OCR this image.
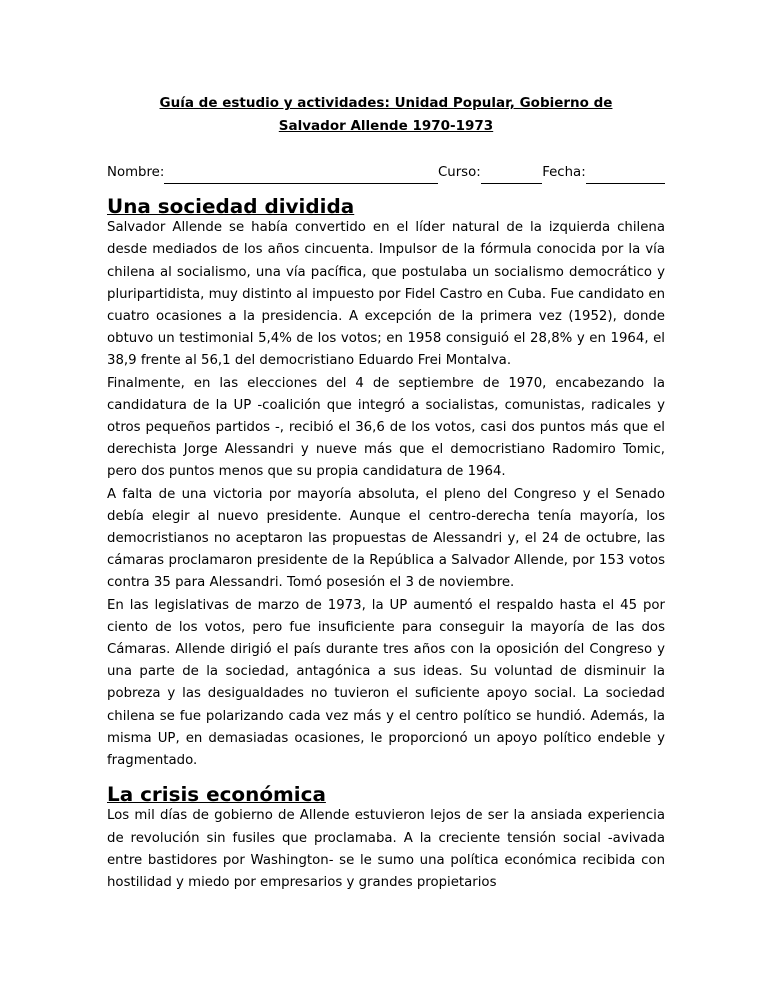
Guía de estudio y actividades: Unidad Popular, Gobierno de
Salvador Allende 1970-1973
Nombre:	Curso:	Fecha:
Una sociedad dividida

Salvador Allende se había convertido en el líder natural de la izquierda chilena desde mediados de los años cincuenta. Impulsor de la fórmula conocida por la vía chilena al socialismo, una vía pacífica, que postulaba un socialismo democrático y pluripartidista, muy distinto al impuesto por Fidel Castro en Cuba. Fue candidato en cuatro ocasiones a la presidencia. A excepción de la primera vez (1952), donde obtuvo un testimonial 5,4% de los votos; en 1958 consiguió el 28,8% y en 1964, el 38,9 frente al 56,1 del democristiano Eduardo Frei Montalva.

Finalmente, en las elecciones del 4 de septiembre de 1970, encabezando la candidatura de la UP -coalición que integró a socialistas, comunistas, radicales y otros pequeños partidos -, recibió el 36,6 de los votos, casi dos puntos más que el derechista Jorge Alessandri y nueve más que el democristiano Radomiro Tomic, pero dos puntos menos que su propia candidatura de 1964.

A falta de una victoria por mayoría absoluta, el pleno del Congreso y el Senado debía elegir al nuevo presidente. Aunque el centro-derecha tenía mayoría, los democristianos no aceptaron las propuestas de Alessandri y, el 24 de octubre, las cámaras proclamaron presidente de la República a Salvador Allende, por 153 votos contra 35 para Alessandri. Tomó posesión el 3 de noviembre.

En las legislativas de marzo de 1973, la UP aumentó el respaldo hasta el 45 por ciento de los votos, pero fue insuficiente para conseguir la mayoría de las dos Cámaras. Allende dirigió el país durante tres años con la oposición del Congreso y una parte de la sociedad, antagónica a sus ideas. Su voluntad de disminuir la pobreza y las desigualdades no tuvieron el suficiente apoyo social. La sociedad chilena se fue polarizando cada vez más y el centro político se hundió. Además, la misma UP, en demasiadas ocasiones, le proporcionó un apoyo político endeble y fragmentado.

La crisis económica

Los mil días de gobierno de Allende estuvieron lejos de ser la ansiada experiencia de revolución sin fusiles que proclamaba. A la creciente tensión social -avivada entre bastidores por Washington- se le sumo una política económica recibida con hostilidad y miedo por empresarios y grandes propietarios
